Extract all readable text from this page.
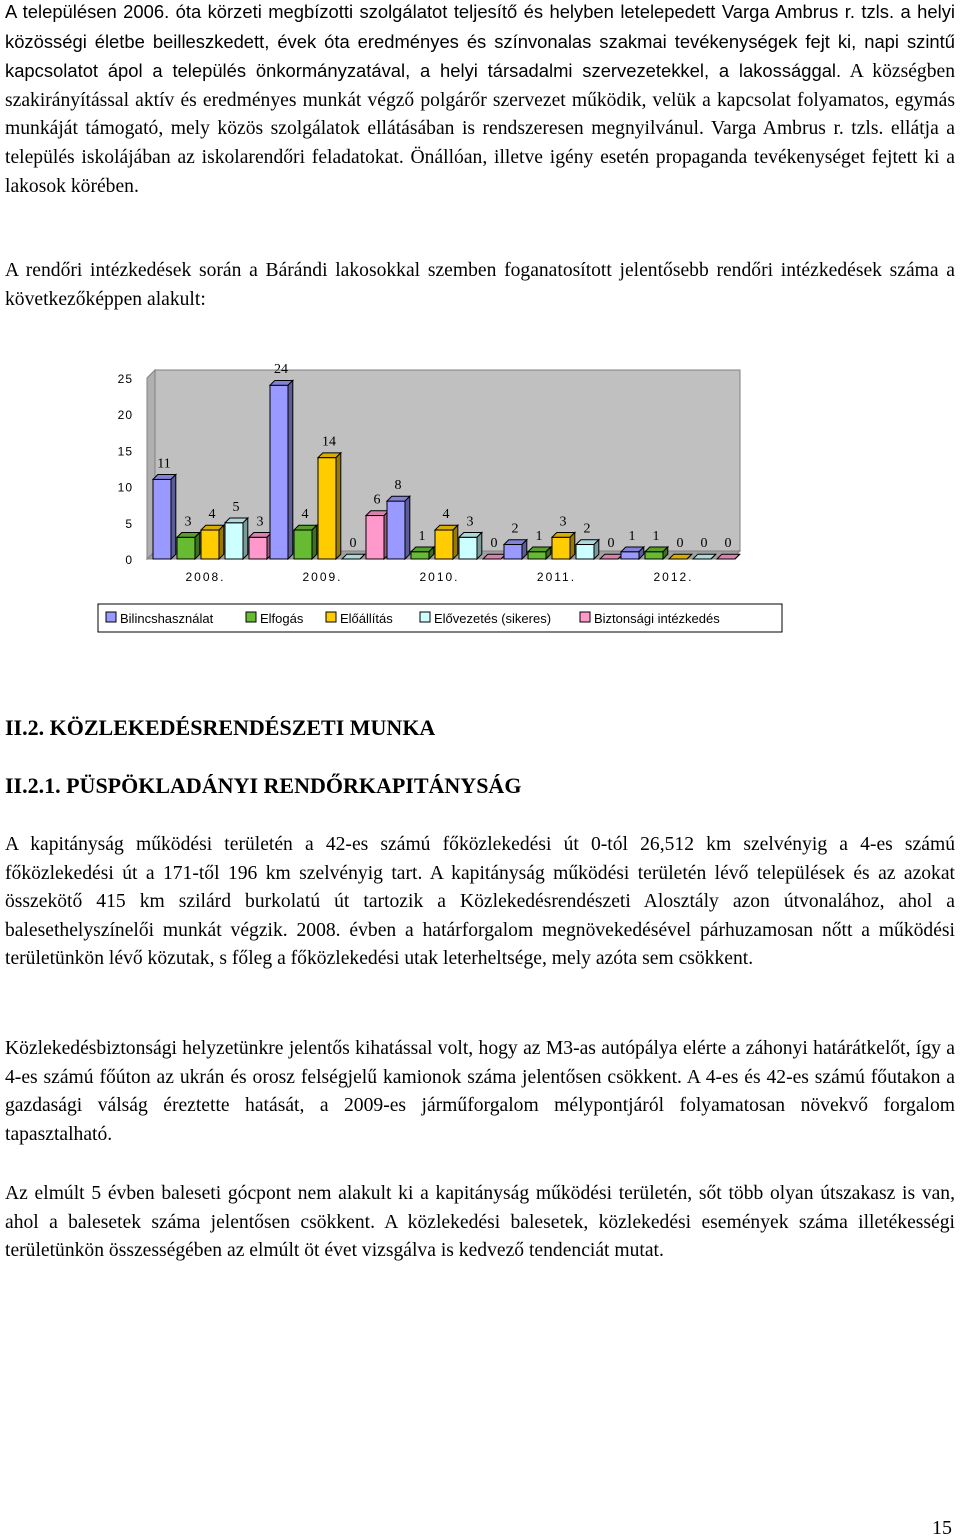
A településen 2006. óta körzeti megbízotti szolgálatot teljesítő és helyben letelepedett Varga Ambrus r. tzls. a helyi közösségi életbe beilleszkedett, évek óta eredményes és színvonalas szakmai tevékenységek fejt ki, napi szintű kapcsolatot ápol a település önkormányzatával, a helyi társadalmi szervezetekkel, a lakossággal. A községben szakirányítással aktív és eredményes munkát végző polgárőr szervezet működik, velük a kapcsolat folyamatos, egymás munkáját támogató, mely közös szolgálatok ellátásában is rendszeresen megnyilvánul. Varga Ambrus r. tzls. ellátja a település iskolájában az iskolarendőri feladatokat. Önállóan, illetve igény esetén propaganda tevékenységet fejtett ki a lakosok körében.

A rendőri intézkedések során a Bárándi lakosokkal szemben foganatosított jelentősebb rendőri intézkedések száma a következőképpen alakult:

0
5
10
15
20
25
11
3 4 5
3
2008.
24
4
14
0
6
2009.
8
1
4 3
0
2010.
2 1
3 2
0
2011.
1 1 0 0 0
2012.
Bilincshasználat	Elfogás	Előállítás	Elővezetés (sikeres)	Biztonsági intézkedés
II.2. KÖZLEKEDÉSRENDÉSZETI MUNKA
II.2.1. PÜSPÖKLADÁNYI RENDŐRKAPITÁNYSÁG

A kapitányság működési területén a 42-es számú főközlekedési út 0-tól 26,512 km szelvényig a 4-es számú főközlekedési út a 171-től 196 km szelvényig tart. A kapitányság működési területén lévő települések és az azokat összekötő 415 km szilárd burkolatú út tartozik a Közlekedésrendészeti Alosztály azon útvonalához, ahol a balesethelyszínelői munkát végzik. 2008. évben a határforgalom megnövekedésével párhuzamosan nőtt a működési területünkön lévő közutak, s főleg a főközlekedési utak leterheltsége, mely azóta sem csökkent.

Közlekedésbiztonsági helyzetünkre jelentős kihatással volt, hogy az M3-as autópálya elérte a záhonyi határátkelőt, így a 4-es számú főúton az ukrán és orosz felségjelű kamionok száma jelentősen csökkent. A 4-es és 42-es számú főutakon a gazdasági válság éreztette hatását, a 2009-es járműforgalom mélypontjáról folyamatosan növekvő forgalom tapasztalható.

Az elmúlt 5 évben baleseti gócpont nem alakult ki a kapitányság működési területén, sőt több olyan útszakasz is van, ahol a balesetek száma jelentősen csökkent. A közlekedési balesetek, közlekedési események száma illetékességi területünkön összességében az elmúlt öt évet vizsgálva is kedvező tendenciát mutat.

15
